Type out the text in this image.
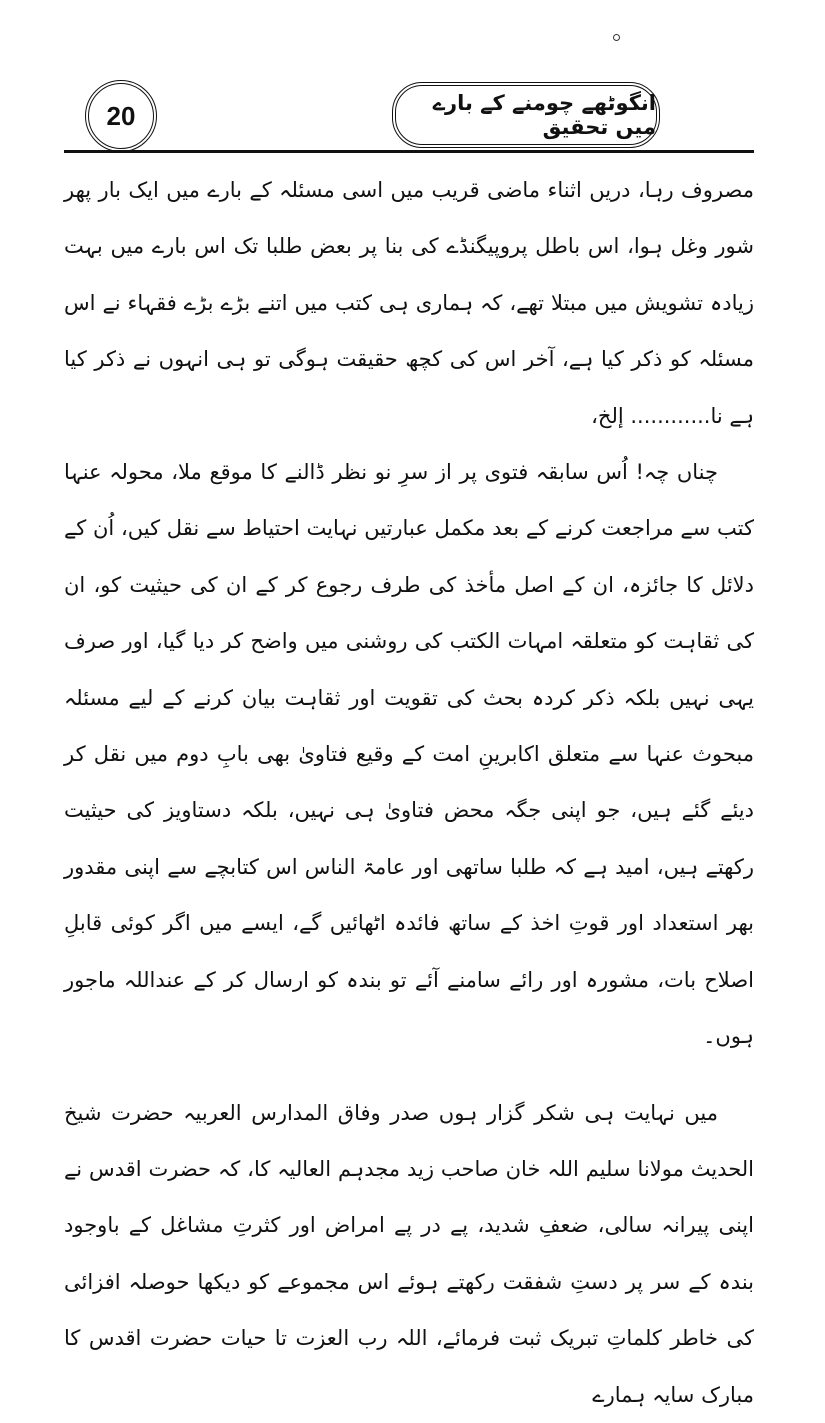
20	انگوٹھے چومنے کے بارے میں تحقیق

مصروف رہا، دریں اثناء ماضی قریب میں اسی مسئلہ کے بارے میں ایک بار پھر شور وغل ہوا، اس باطل پروپیگنڈے کی بنا پر بعض طلبا تک اس بارے میں بہت زیادہ تشویش میں مبتلا تھے، کہ ہماری ہی کتب میں اتنے بڑے بڑے فقہاء نے اس مسئلہ کو ذکر کیا ہے، آخر اس کی کچھ حقیقت ہوگی تو ہی انہوں نے ذکر کیا ہے نا............ إلخ،

چناں چہ! اُس سابقہ فتوی پر از سرِ نو نظر ڈالنے کا موقع ملا، محولہ عنہا کتب سے مراجعت کرنے کے بعد مکمل عبارتیں نہایت احتیاط سے نقل کیں، اُن کے دلائل کا جائزہ، ان کے اصل مأخذ کی طرف رجوع کر کے ان کی حیثیت کو، ان کی ثقاہت کو متعلقہ امہات الکتب کی روشنی میں واضح کر دیا گیا، اور صرف یہی نہیں بلکہ ذکر کردہ بحث کی تقویت اور ثقاہت بیان کرنے کے لیے مسئلہ مبحوث عنہا سے متعلق اکابرینِ امت کے وقیع فتاویٰ بھی بابِ دوم میں نقل کر دیئے گئے ہیں، جو اپنی جگہ محض فتاویٰ ہی نہیں، بلکہ دستاویز کی حیثیت رکھتے ہیں، امید ہے کہ طلبا ساتھی اور عامۃ الناس اس کتابچے سے اپنی مقدور بھر استعداد اور قوتِ اخذ کے ساتھ فائدہ اٹھائیں گے، ایسے میں اگر کوئی قابلِ اصلاح بات، مشورہ اور رائے سامنے آئے تو بندہ کو ارسال کر کے عنداللہ ماجور ہوں۔

میں نہایت ہی شکر گزار ہوں صدر وفاق المدارس العربیہ حضرت شیخ الحدیث مولانا سلیم اللہ خان صاحب زید مجدہم العالیہ کا، کہ حضرت اقدس نے اپنی پیرانہ سالی، ضعفِ شدید، پے در پے امراض اور کثرتِ مشاغل کے باوجود بندہ کے سر پر دستِ شفقت رکھتے ہوئے اس مجموعے کو دیکھا حوصلہ افزائی کی خاطر کلماتِ تبریک ثبت فرمائے، اللہ رب العزت تا حیات حضرت اقدس کا مبارک سایہ ہمارے
